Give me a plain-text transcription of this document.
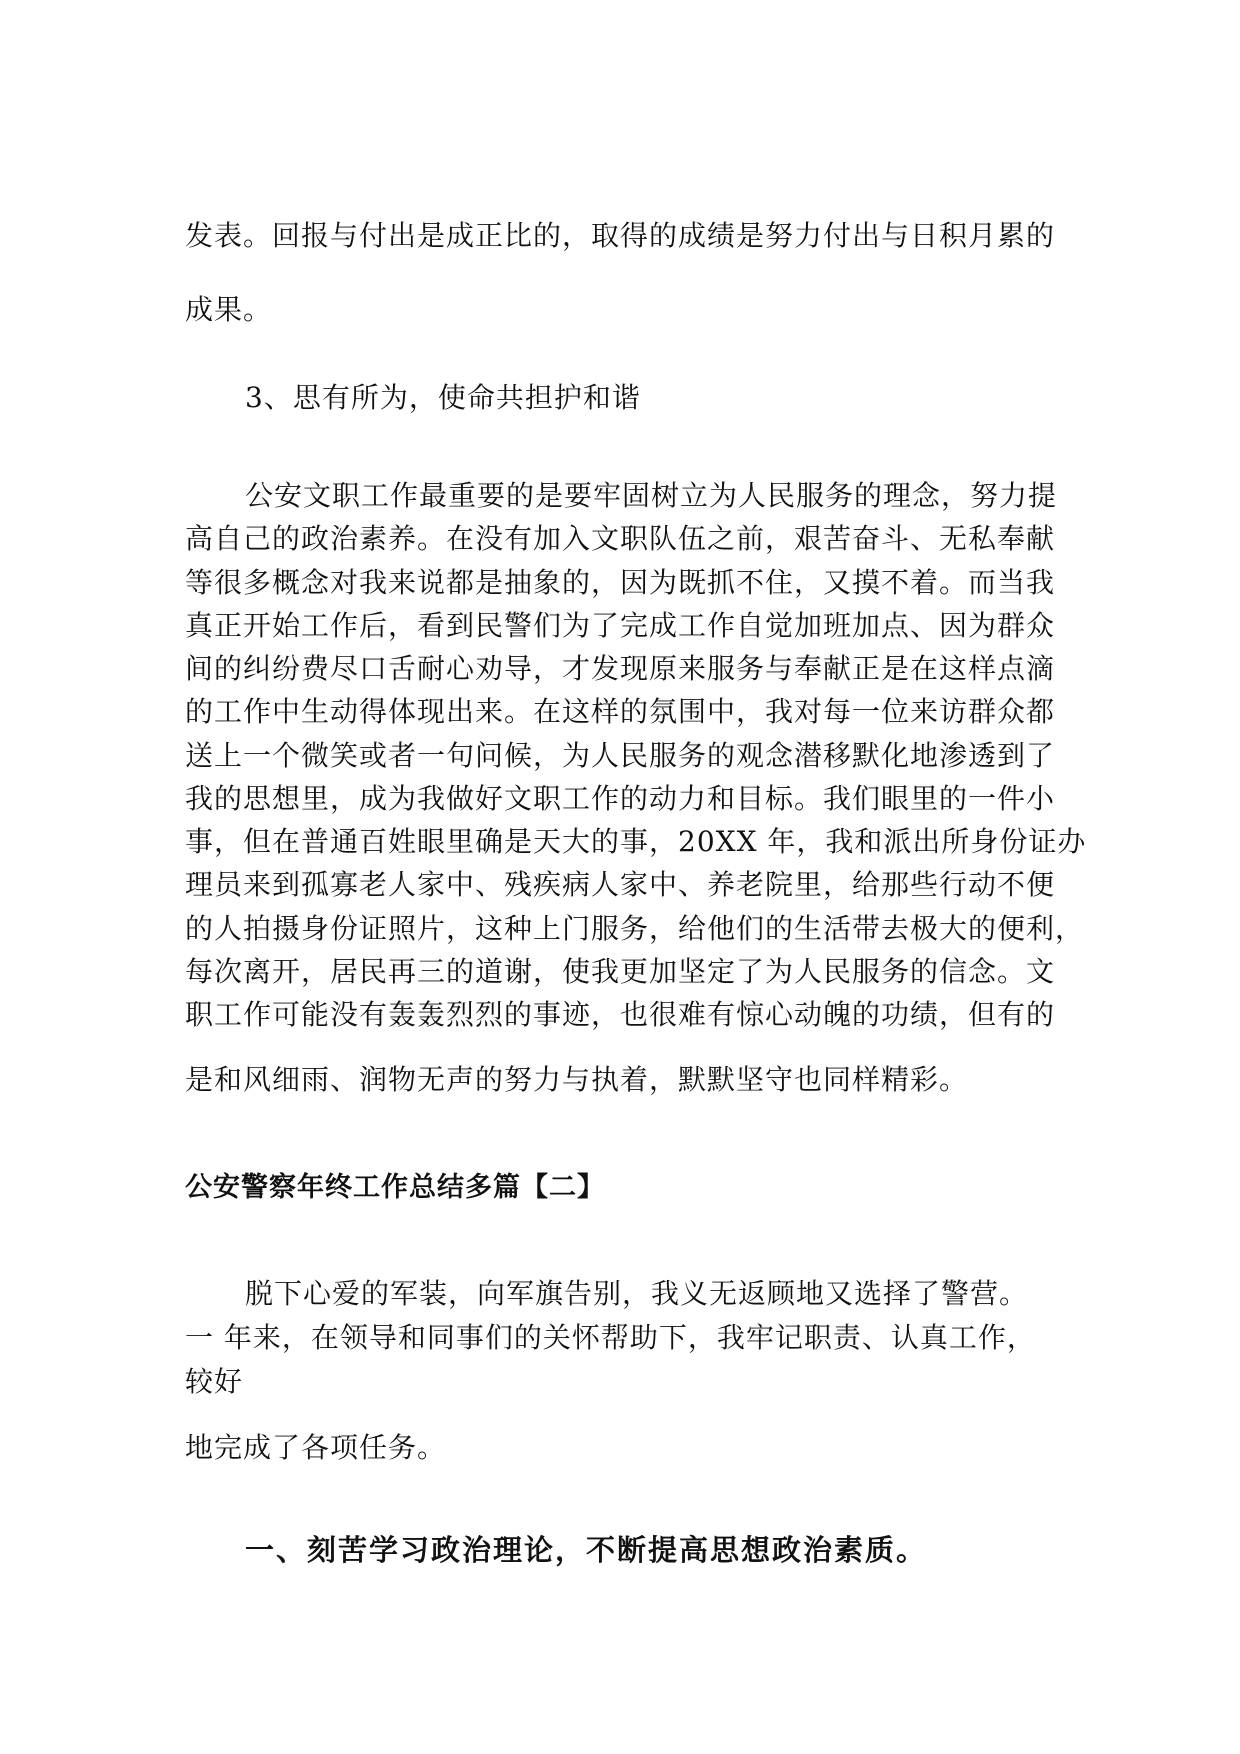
发表。回报与付出是成正比的，取得的成绩是努力付出与日积月累的
成果。
3、思有所为，使命共担护和谐
公安文职工作最重要的是要牢固树立为人民服务的理念，努力提
高自己的政治素养。在没有加入文职队伍之前，艰苦奋斗、无私奉献
等很多概念对我来说都是抽象的，因为既抓不住，又摸不着。而当我
真正开始工作后，看到民警们为了完成工作自觉加班加点、因为群众
间的纠纷费尽口舌耐心劝导，才发现原来服务与奉献正是在这样点滴
的工作中生动得体现出来。在这样的氛围中，我对每一位来访群众都
送上一个微笑或者一句问候，为人民服务的观念潜移默化地渗透到了
我的思想里，成为我做好文职工作的动力和目标。我们眼里的一件小
事，但在普通百姓眼里确是天大的事，20XX 年，我和派出所身份证办
理员来到孤寡老人家中、残疾病人家中、养老院里，给那些行动不便
的人拍摄身份证照片，这种上门服务，给他们的生活带去极大的便利，
每次离开，居民再三的道谢，使我更加坚定了为人民服务的信念。文
职工作可能没有轰轰烈烈的事迹，也很难有惊心动魄的功绩，但有的
是和风细雨、润物无声的努力与执着，默默坚守也同样精彩。
公安警察年终工作总结多篇【二】
脱下心爱的军装，向军旗告别，我义无返顾地又选择了警营。
一 年来，在领导和同事们的关怀帮助下，我牢记职责、认真工作，
较好
地完成了各项任务。
一、刻苦学习政治理论，不断提高思想政治素质。
